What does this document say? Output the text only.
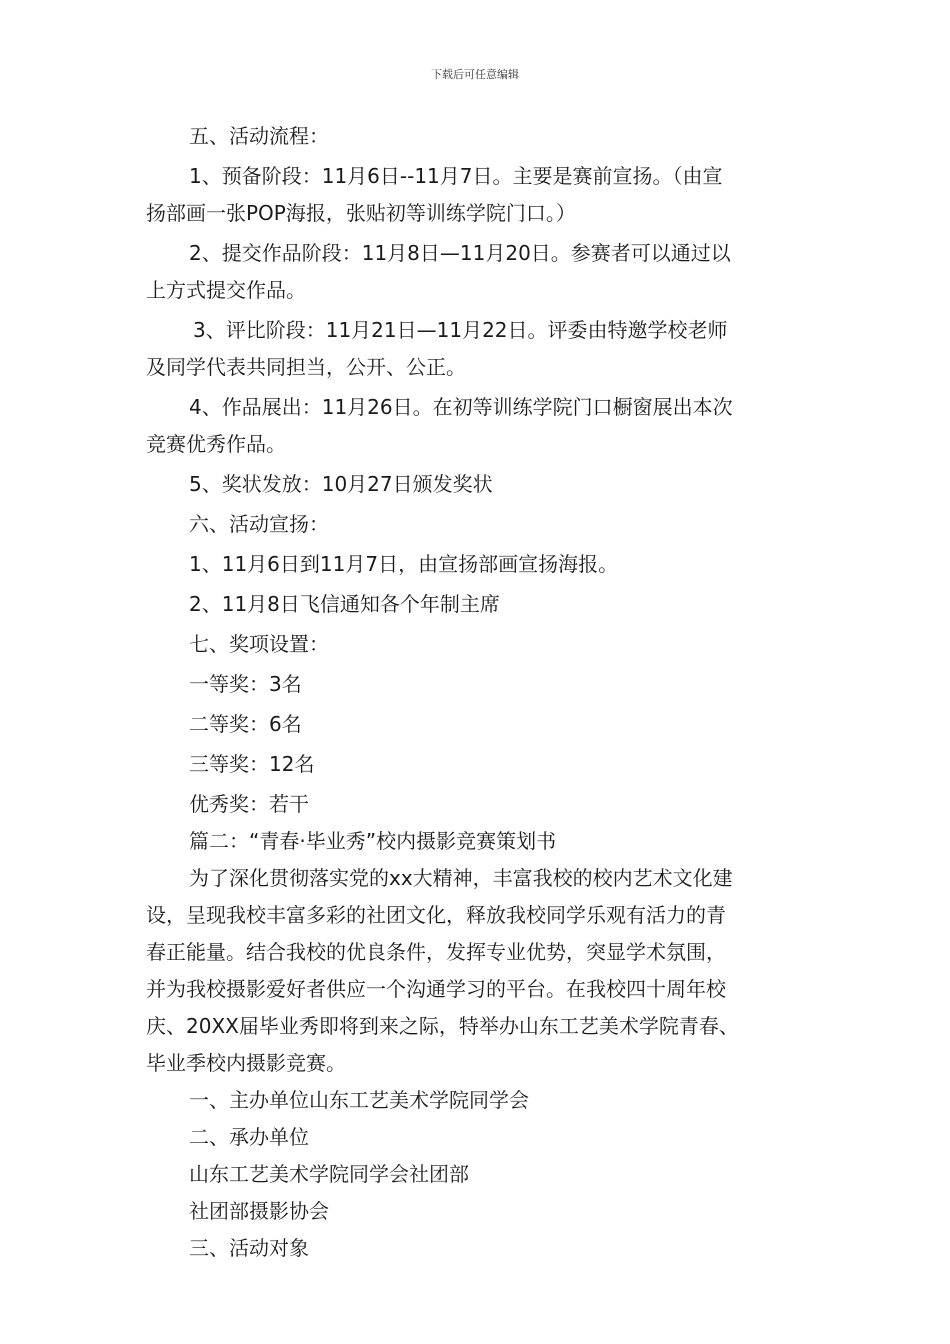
下载后可任意编辑

五、活动流程：

1、预备阶段：11月6日--11月7日。主要是赛前宣扬。（由宣

扬部画一张POP海报，张贴初等训练学院门口。）

2、提交作品阶段：11月8日—11月20日。参赛者可以通过以

上方式提交作品。

3、评比阶段：11月21日—11月22日。评委由特邀学校老师

及同学代表共同担当，公开、公正。

4、作品展出：11月26日。在初等训练学院门口橱窗展出本次

竞赛优秀作品。

5、奖状发放：10月27日颁发奖状

六、活动宣扬：

1、11月6日到11月7日，由宣扬部画宣扬海报。

2、11月8日飞信通知各个年制主席

七、奖项设置：

一等奖：3名

二等奖：6名

三等奖：12名

优秀奖：若干

篇二：“青春·毕业秀”校内摄影竞赛策划书

为了深化贯彻落实党的xx大精神，丰富我校的校内艺术文化建

设，呈现我校丰富多彩的社团文化，释放我校同学乐观有活力的青

春正能量。结合我校的优良条件，发挥专业优势，突显学术氛围，

并为我校摄影爱好者供应一个沟通学习的平台。在我校四十周年校

庆、20XX届毕业秀即将到来之际，特举办山东工艺美术学院青春、

毕业季校内摄影竞赛。

一、主办单位山东工艺美术学院同学会

二、承办单位

山东工艺美术学院同学会社团部

社团部摄影协会

三、活动对象
